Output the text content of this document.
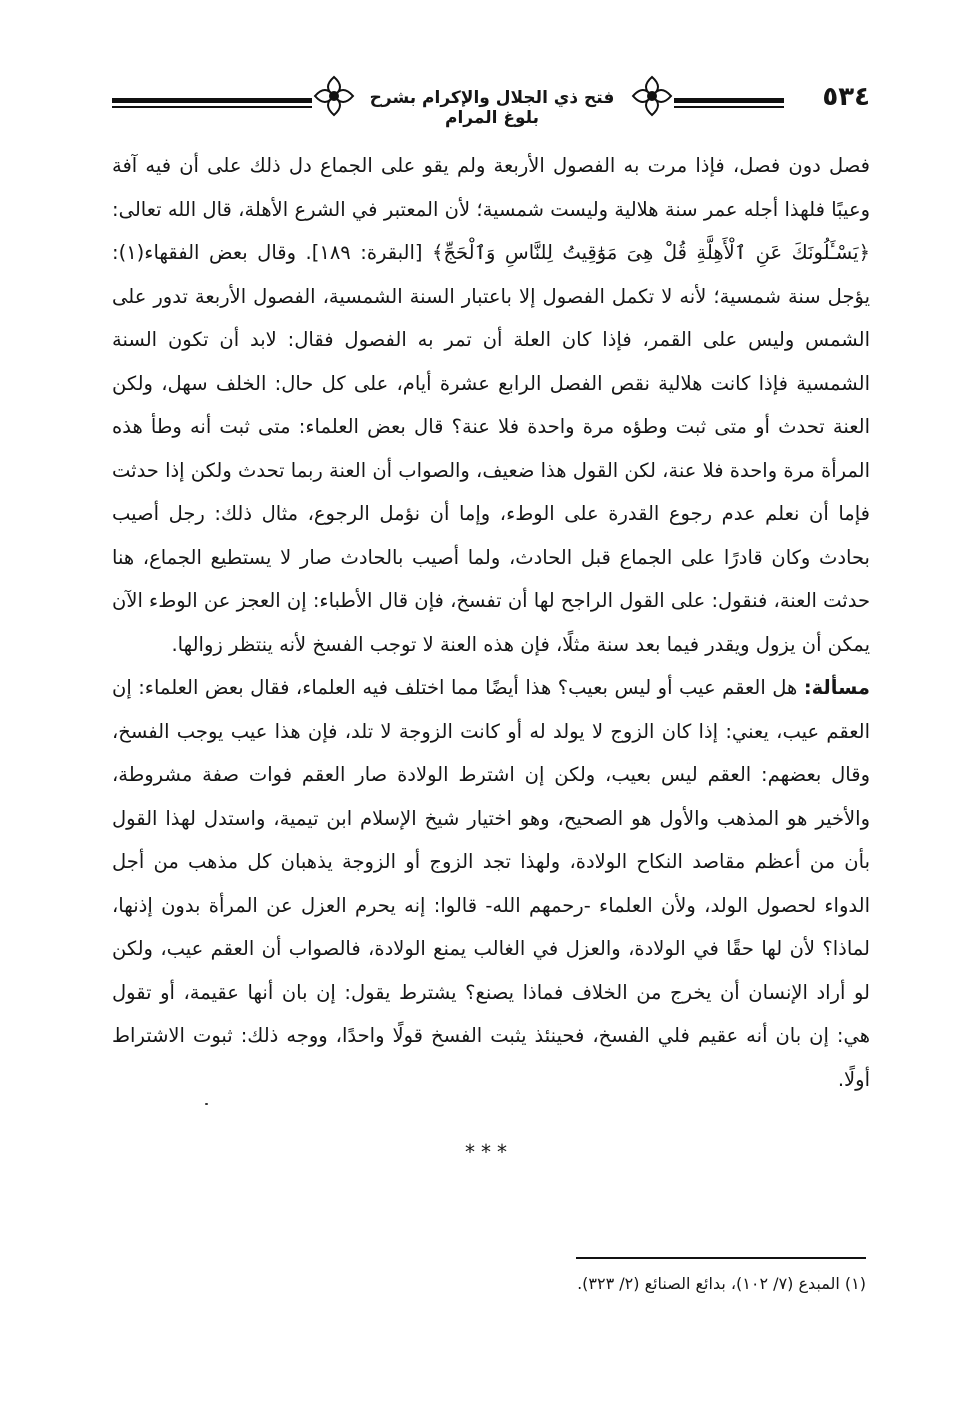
فتح ذي الجلال والإكرام بشرح بلوغ المرام
٥٣٤

فصل دون فصل، فإذا مرت به الفصول الأربعة ولم يقو على الجماع دل ذلك على أن فيه آفة وعيبًا فلهذا أجله عمر سنة هلالية وليست شمسية؛ لأن المعتبر في الشرع الأهلة، قال الله تعالى: ﴿يَسْـَٔلُونَكَ عَنِ ٱلْأَهِلَّةِ قُلْ هِىَ مَوَٰقِيتُ لِلنَّاسِ وَٱلْحَجِّ﴾ [البقرة: ١٨٩]. وقال بعض الفقهاء(١): يؤجل سنة شمسية؛ لأنه لا تكمل الفصول إلا باعتبار السنة الشمسية، الفصول الأربعة تدور على الشمس وليس على القمر، فإذا كان العلة أن تمر به الفصول فقال: لابد أن تكون السنة الشمسية فإذا كانت هلالية نقص الفصل الرابع عشرة أيام، على كل حال: الخلف سهل، ولكن العنة تحدث أو متى ثبت وطؤه مرة واحدة فلا عنة؟ قال بعض العلماء: متى ثبت أنه وطأ هذه المرأة مرة واحدة فلا عنة، لكن القول هذا ضعيف، والصواب أن العنة ربما تحدث ولكن إذا حدثت فإما أن نعلم عدم رجوع القدرة على الوطء، وإما أن نؤمل الرجوع، مثال ذلك: رجل أصيب بحادث وكان قادرًا على الجماع قبل الحادث، ولما أصيب بالحادث صار لا يستطيع الجماع، هنا حدثت العنة، فنقول: على القول الراجح لها أن تفسخ، فإن قال الأطباء: إن العجز عن الوطء الآن يمكن أن يزول ويقدر فيما بعد سنة مثلًا، فإن هذه العنة لا توجب الفسخ لأنه ينتظر زوالها.

مسألة: هل العقم عيب أو ليس بعيب؟ هذا أيضًا مما اختلف فيه العلماء، فقال بعض العلماء: إن العقم عيب، يعني: إذا كان الزوج لا يولد له أو كانت الزوجة لا تلد، فإن هذا عيب يوجب الفسخ، وقال بعضهم: العقم ليس بعيب، ولكن إن اشترط الولادة صار العقم فوات صفة مشروطة، والأخير هو المذهب والأول هو الصحيح، وهو اختيار شيخ الإسلام ابن تيمية، واستدل لهذا القول بأن من أعظم مقاصد النكاح الولادة، ولهذا تجد الزوج أو الزوجة يذهبان كل مذهب من أجل الدواء لحصول الولد، ولأن العلماء -رحمهم الله- قالوا: إنه يحرم العزل عن المرأة بدون إذنها، لماذا؟ لأن لها حقًا في الولادة، والعزل في الغالب يمنع الولادة، فالصواب أن العقم عيب، ولكن لو أراد الإنسان أن يخرج من الخلاف فماذا يصنع؟ يشترط يقول: إن بان أنها عقيمة، أو تقول هي: إن بان أنه عقيم فلي الفسخ، فحينئذ يثبت الفسخ قولًا واحدًا، ووجه ذلك: ثبوت الاشتراط أولًا.

***
(١) المبدع (٧/ ١٠٢)، بدائع الصنائع (٢/ ٣٢٣).
